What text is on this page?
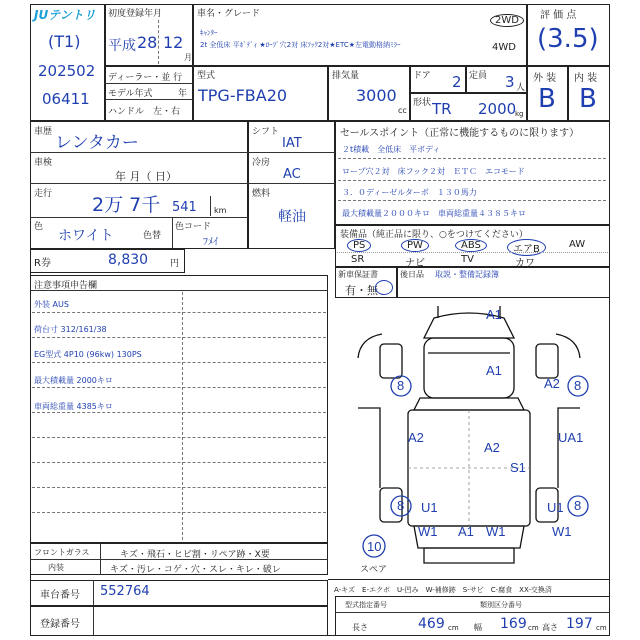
JUテントリ
(T1)
202502
06411
初度登録年月
平成 28 12
月
車名・グレード
ｷｬﾝﾀｰ
2t 全低床 平ﾎﾞﾃﾞｨ ★ﾛｰﾌﾟ穴2対 床ﾌｯｸ2対★ETC★左電動格納ﾐﾗｰ
2WD
4WD
評 価 点
(3.5)
ディーラー・並 行
モデル年式	年
ハンドル 左・右
型式
TPG-FBA20
排気量
3000
cc
ドア 2 定員 3 人
形状 TR 2000
kg
外 装
B
内 装
B
車歴
レンタカー
車検
年 月（ 日）
走行 2万 7千 541 km
色
ホワイト	色替
色コード
ﾌﾒｲ
シフト
IAT
冷房
AC
燃料
軽油
セールスポイント（正常に機能するものに限ります）
２t積載　全低床　平ボディ
ロープ穴２対　床フック２対　ＥＴＣ　エコモード
３．０ディーゼルターボ　１３０馬力
最大積載量２０００キロ　車両総重量４３８５キロ
装備品（純正品に限り、○をつけてください）
PS	PW	ABS	エアB	AW
SR	ナビ	TV	カワ
R券	8,830 円
新車保証書
有・無
後日品 取説・整備記録簿
注意事項申告欄
外装 AUS
荷台寸 312/161/38
EG型式 4P10 (96kw) 130PS
最大積載量 2000キロ
車両総重量 4385キロ
フロントガラス	キズ・飛石・ヒビ割・リペア跡・X要
内装	キズ・汚レ・コゲ・穴・スレ・キレ・破レ
車台番号 552764
登録番号
A1
A1
8	A2 8
A2
A2
S1
UA1
8 U1	U1 8
W1 A1 W1	W1
10
スペア
A-キズ　E-エクボ　U-凹み　W-補修跡　S-サビ　C-腐食　XX-交換済
型式指定番号	類別区分番号
長さ	469 cm 幅 169 cm 高さ 197 cm
